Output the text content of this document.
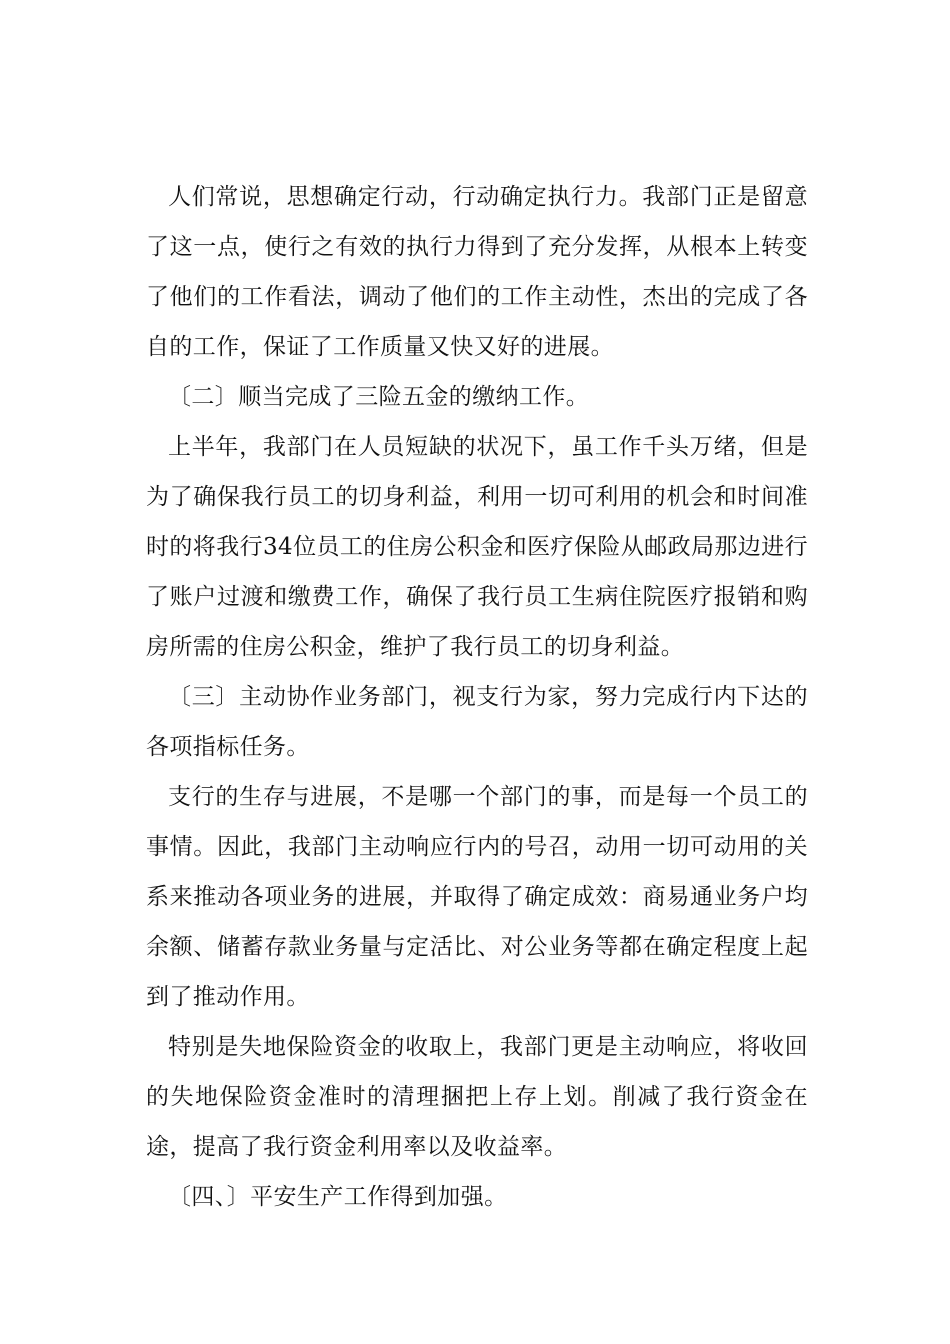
人们常说，思想确定行动，行动确定执行力。我部门正是留意了这一点，使行之有效的执行力得到了充分发挥，从根本上转变了他们的工作看法，调动了他们的工作主动性，杰出的完成了各自的工作，保证了工作质量又快又好的进展。

〔二〕顺当完成了三险五金的缴纳工作。

上半年，我部门在人员短缺的状况下，虽工作千头万绪，但是为了确保我行员工的切身利益，利用一切可利用的机会和时间准时的将我行34位员工的住房公积金和医疗保险从邮政局那边进行了账户过渡和缴费工作，确保了我行员工生病住院医疗报销和购房所需的住房公积金，维护了我行员工的切身利益。

〔三〕主动协作业务部门，视支行为家，努力完成行内下达的各项指标任务。

支行的生存与进展，不是哪一个部门的事，而是每一个员工的事情。因此，我部门主动响应行内的号召，动用一切可动用的关系来推动各项业务的进展，并取得了确定成效：商易通业务户均余额、储蓄存款业务量与定活比、对公业务等都在确定程度上起到了推动作用。

特别是失地保险资金的收取上，我部门更是主动响应，将收回的失地保险资金准时的清理捆把上存上划。削减了我行资金在途，提高了我行资金利用率以及收益率。

〔四、〕平安生产工作得到加强。
